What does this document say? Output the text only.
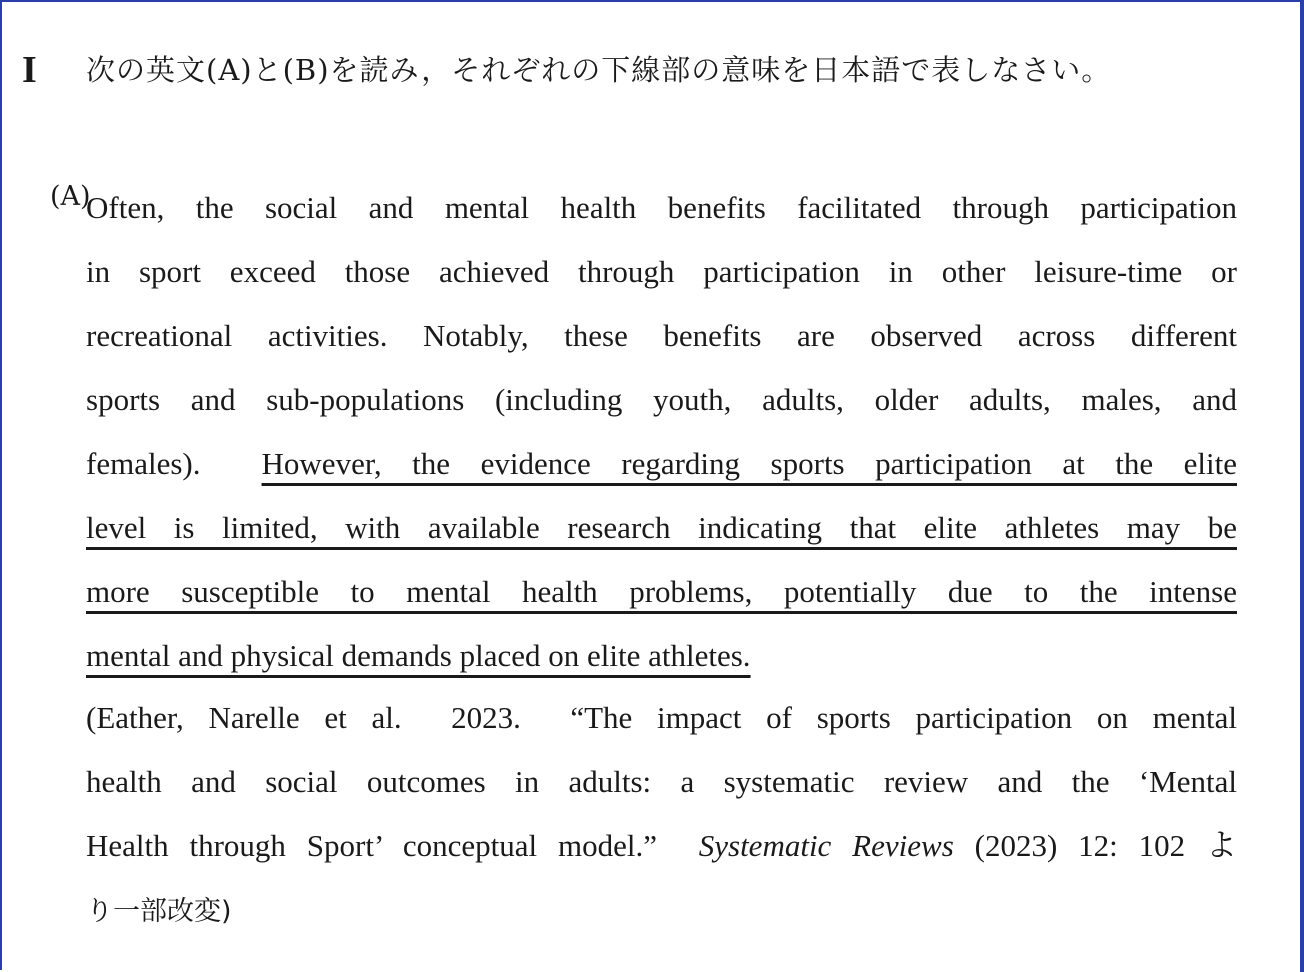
I 次の英文(A)と(B)を読み，それぞれの下線部の意味を日本語で表しなさい。
(A)
Often, the social and mental health benefits facilitated through participation
in sport exceed those achieved through participation in other leisure-time or
recreational activities. Notably, these benefits are observed across different
sports and sub-populations (including youth, adults, older adults, males, and
females).  However, the evidence regarding sports participation at the elite
level is limited, with available research indicating that elite athletes may be
more susceptible to mental health problems, potentially due to the intense
mental and physical demands placed on elite athletes.
(Eather, Narelle et al.  2023.  “The impact of sports participation on mental
health and social outcomes in adults: a systematic review and the ‘Mental
Health through Sport’ conceptual model.”  Systematic Reviews (2023) 12: 102 よ
り一部改変)
